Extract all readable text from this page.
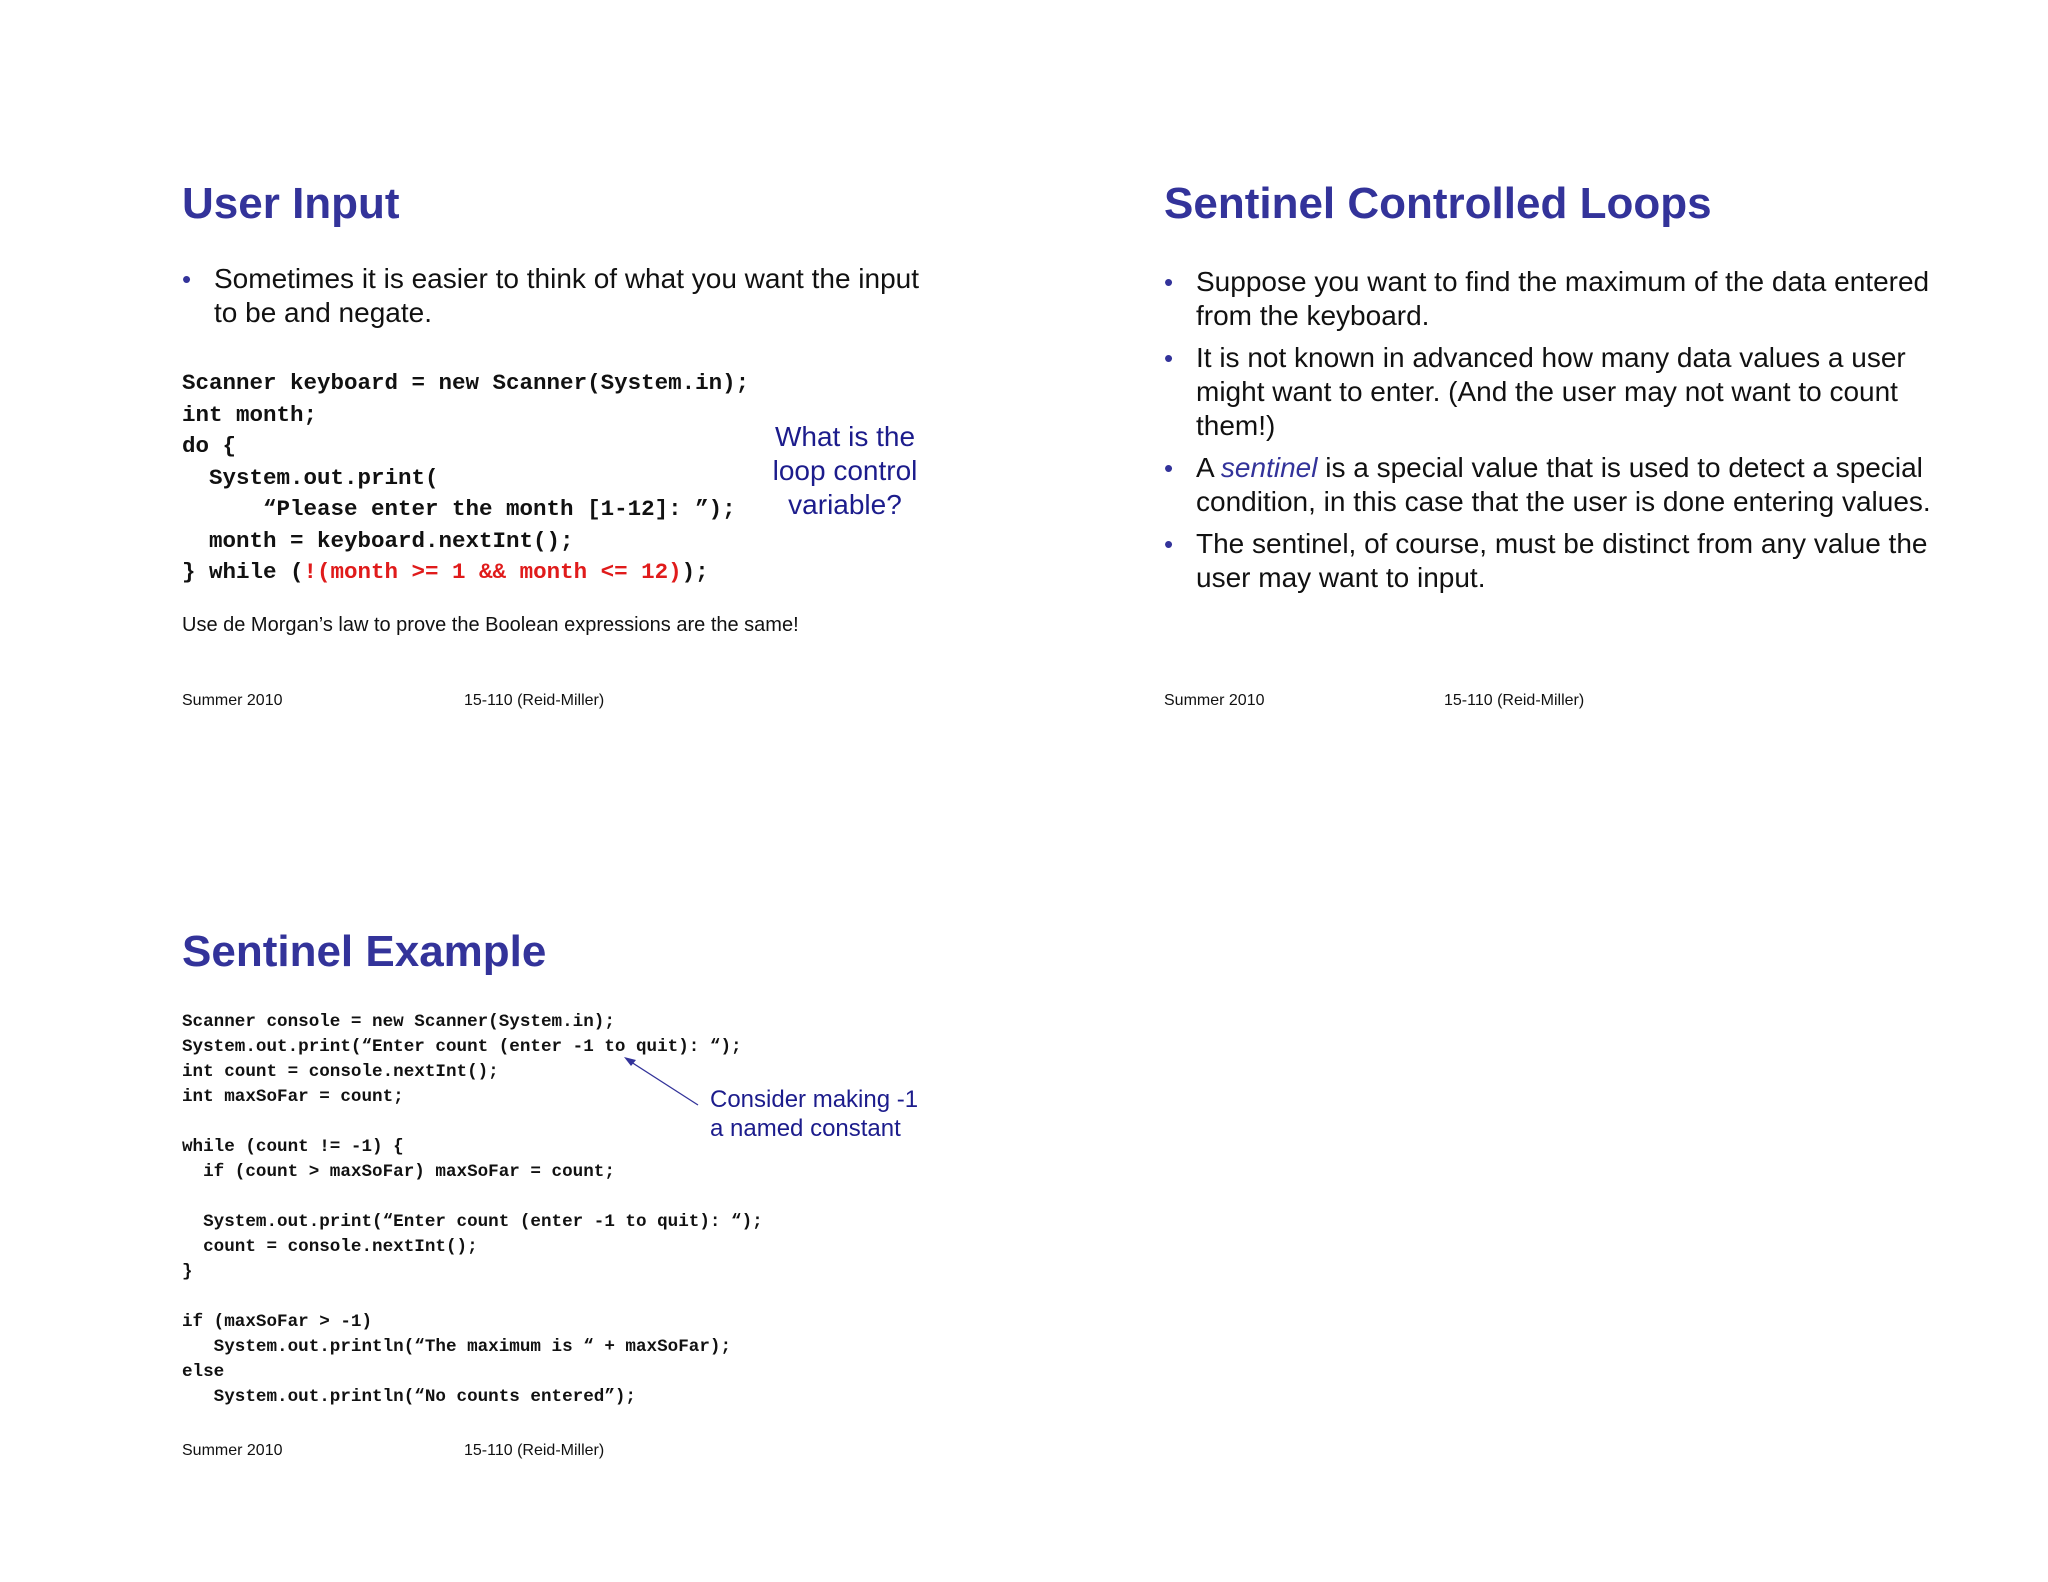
User Input
• Sometimes it is easier to think of what you want the input to be and negate.
Scanner keyboard = new Scanner(System.in);
int month;
do {
System.out.print(
“Please enter the month [1-12]: ”);
month = keyboard.nextInt();
} while (!(month >= 1 && month <= 12));
What is the
loop control
variable?
Use de Morgan’s law to prove the Boolean expressions are the same!
Summer 2010	15-110 (Reid-Miller)
Sentinel Controlled Loops
• Suppose you want to find the maximum of the data entered from the keyboard.
• It is not known in advanced how many data values a user might want to enter. (And the user may not want to count them!)
• A sentinel is a special value that is used to detect a special condition, in this case that the user is done entering values.
• The sentinel, of course, must be distinct from any value the user may want to input.
Summer 2010	15-110 (Reid-Miller)
Sentinel Example
Scanner console = new Scanner(System.in);
System.out.print(“Enter count (enter -1 to quit): “);
int count = console.nextInt();
int maxSoFar = count;

while (count != -1) {
if (count > maxSoFar) maxSoFar = count;

System.out.print(“Enter count (enter -1 to quit): “);
count = console.nextInt();
}

if (maxSoFar > -1)
System.out.println(“The maximum is “ + maxSoFar);
else
System.out.println(“No counts entered”);
Consider making -1
a named constant
Summer 2010	15-110 (Reid-Miller)
